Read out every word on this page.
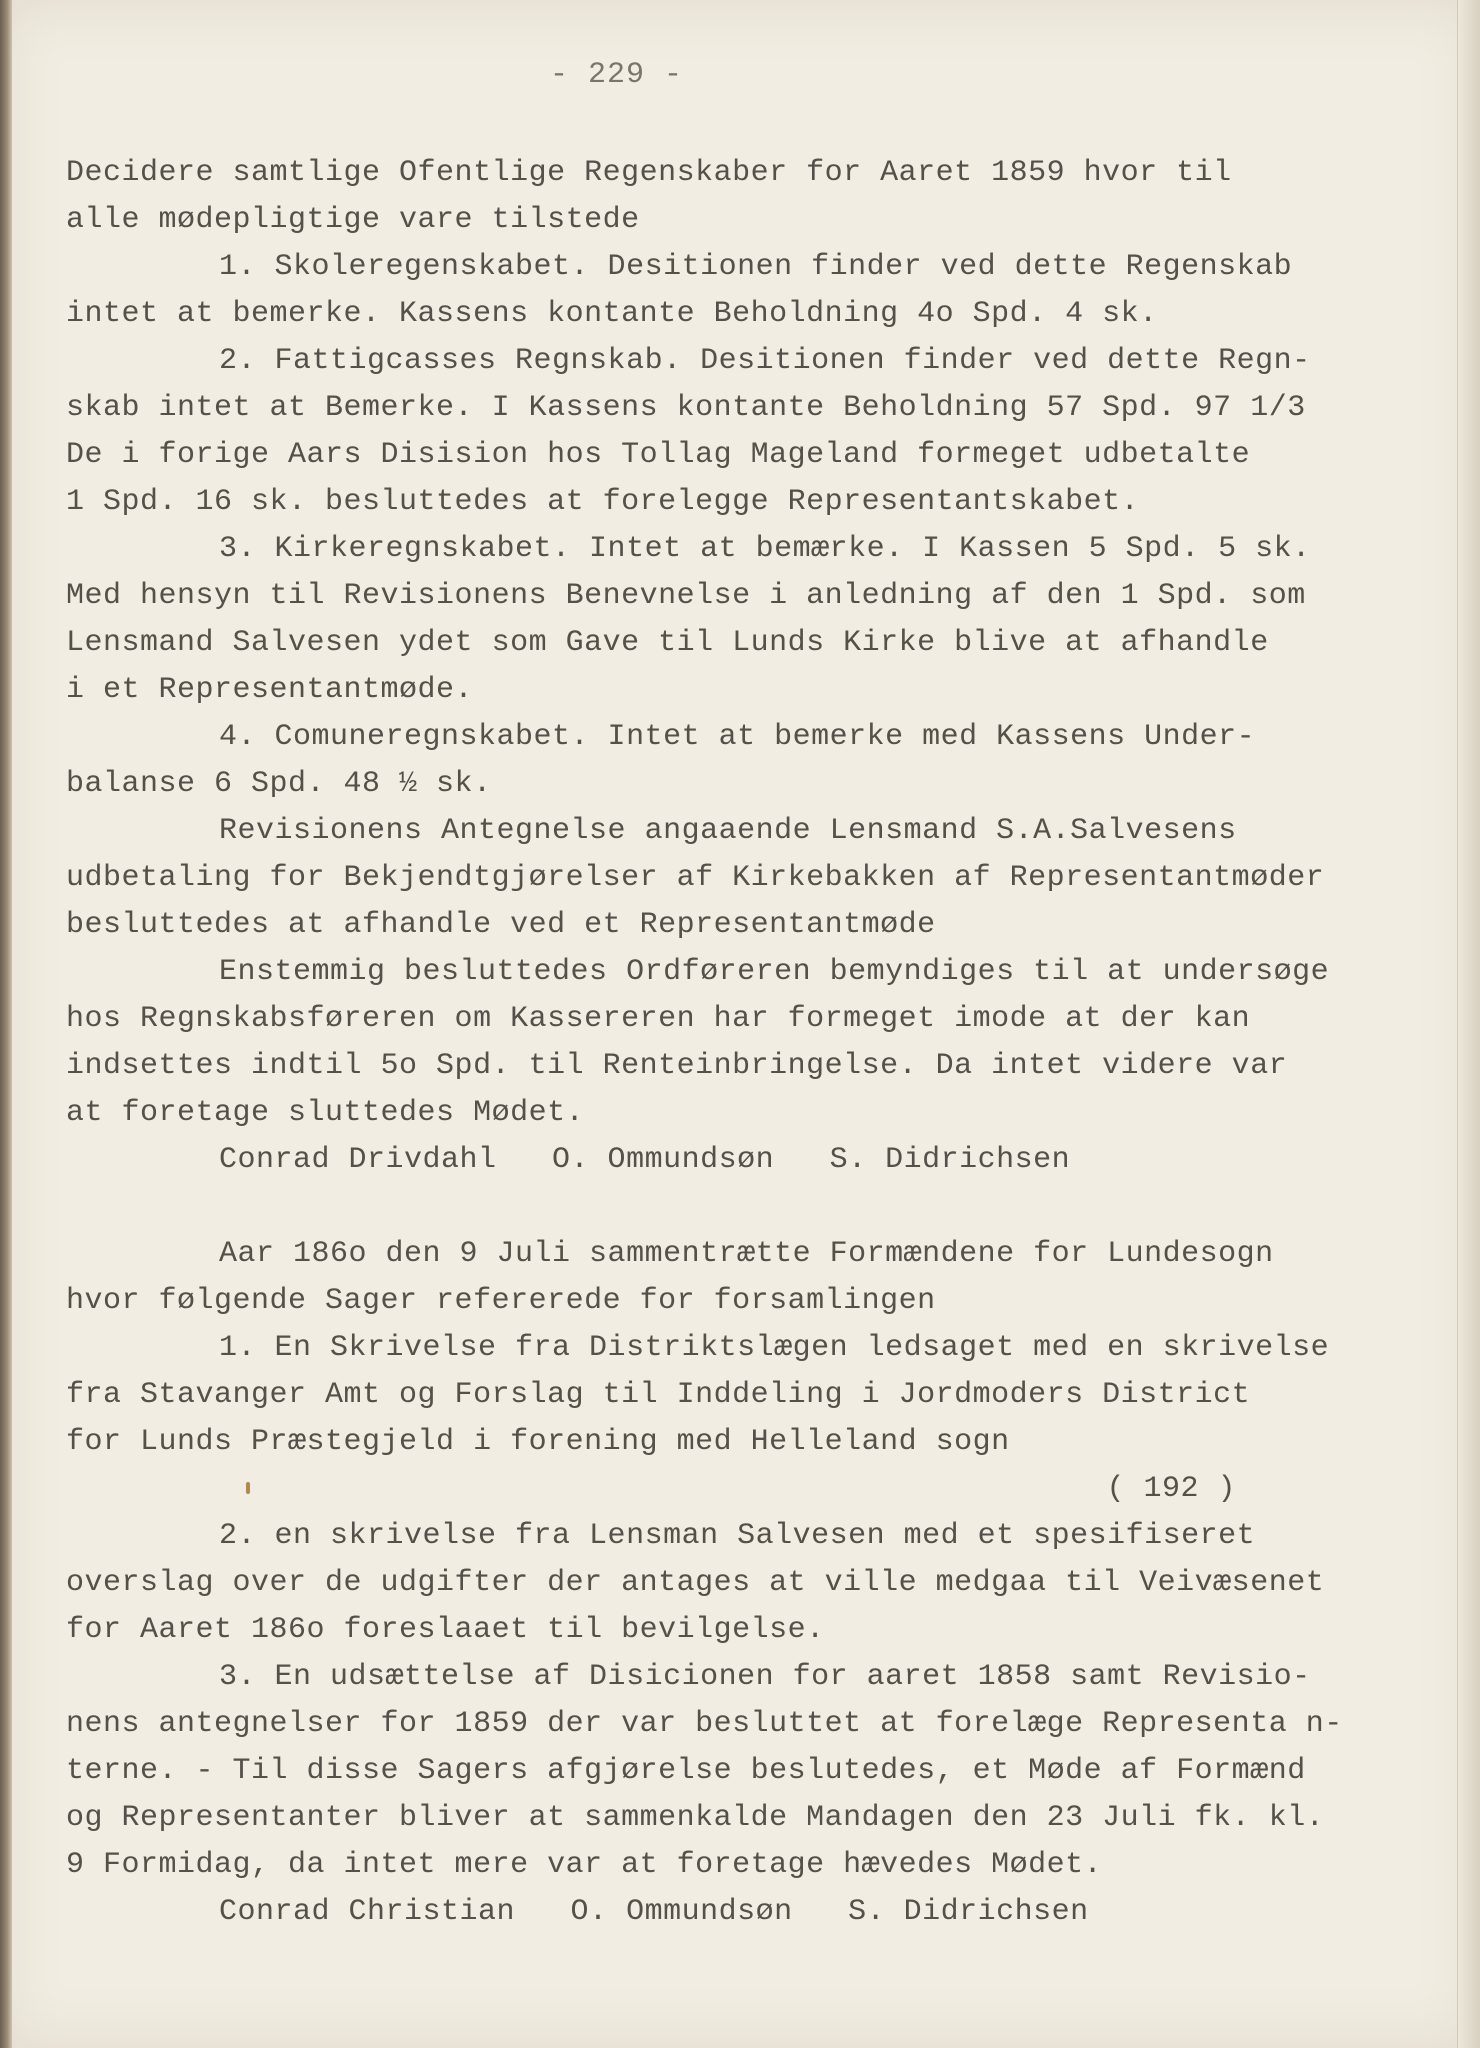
- 229 -
Decidere samtlige Ofentlige Regenskaber for Aaret 1859 hvor til
alle mødepligtige vare tilstede
1. Skoleregenskabet. Desitionen finder ved dette Regenskab
intet at bemerke. Kassens kontante Beholdning 4o Spd. 4 sk.
2. Fattigcasses Regnskab. Desitionen finder ved dette Regn-
skab intet at Bemerke. I Kassens kontante Beholdning 57 Spd. 97 1/3
De i forige Aars Disision hos Tollag Mageland formeget udbetalte
1 Spd. 16 sk. besluttedes at forelegge Representantskabet.
3. Kirkeregnskabet. Intet at bemærke. I Kassen 5 Spd. 5 sk.
Med hensyn til Revisionens Benevnelse i anledning af den 1 Spd. som
Lensmand Salvesen ydet som Gave til Lunds Kirke blive at afhandle
i et Representantmøde.
4. Comuneregnskabet. Intet at bemerke med Kassens Under-
balanse 6 Spd. 48 ½ sk.
Revisionens Antegnelse angaaende Lensmand S.A.Salvesens
udbetaling for Bekjendtgjørelser af Kirkebakken af Representantmøder
besluttedes at afhandle ved et Representantmøde
Enstemmig besluttedes Ordføreren bemyndiges til at undersøge
hos Regnskabsføreren om Kassereren har formeget imode at der kan
indsettes indtil 5o Spd. til Renteinbringelse. Da intet videre var
at foretage sluttedes Mødet.
Conrad Drivdahl   O. Ommundsøn   S. Didrichsen
Aar 186o den 9 Juli sammentrætte Formændene for Lundesogn
hvor følgende Sager refererede for forsamlingen
1. En Skrivelse fra Distriktslægen ledsaget med en skrivelse
fra Stavanger Amt og Forslag til Inddeling i Jordmoders District
for Lunds Præstegjeld i forening med Helleland sogn
( 192 )
2. en skrivelse fra Lensman Salvesen med et spesifiseret
overslag over de udgifter der antages at ville medgaa til Veivæsenet
for Aaret 186o foreslaaet til bevilgelse.
3. En udsættelse af Disicionen for aaret 1858 samt Revisio-
nens antegnelser for 1859 der var besluttet at forelæge Representa n-
terne. - Til disse Sagers afgjørelse beslutedes, et Møde af Formænd
og Representanter bliver at sammenkalde Mandagen den 23 Juli fk. kl.
9 Formidag, da intet mere var at foretage hævedes Mødet.
Conrad Christian   O. Ommundsøn   S. Didrichsen
